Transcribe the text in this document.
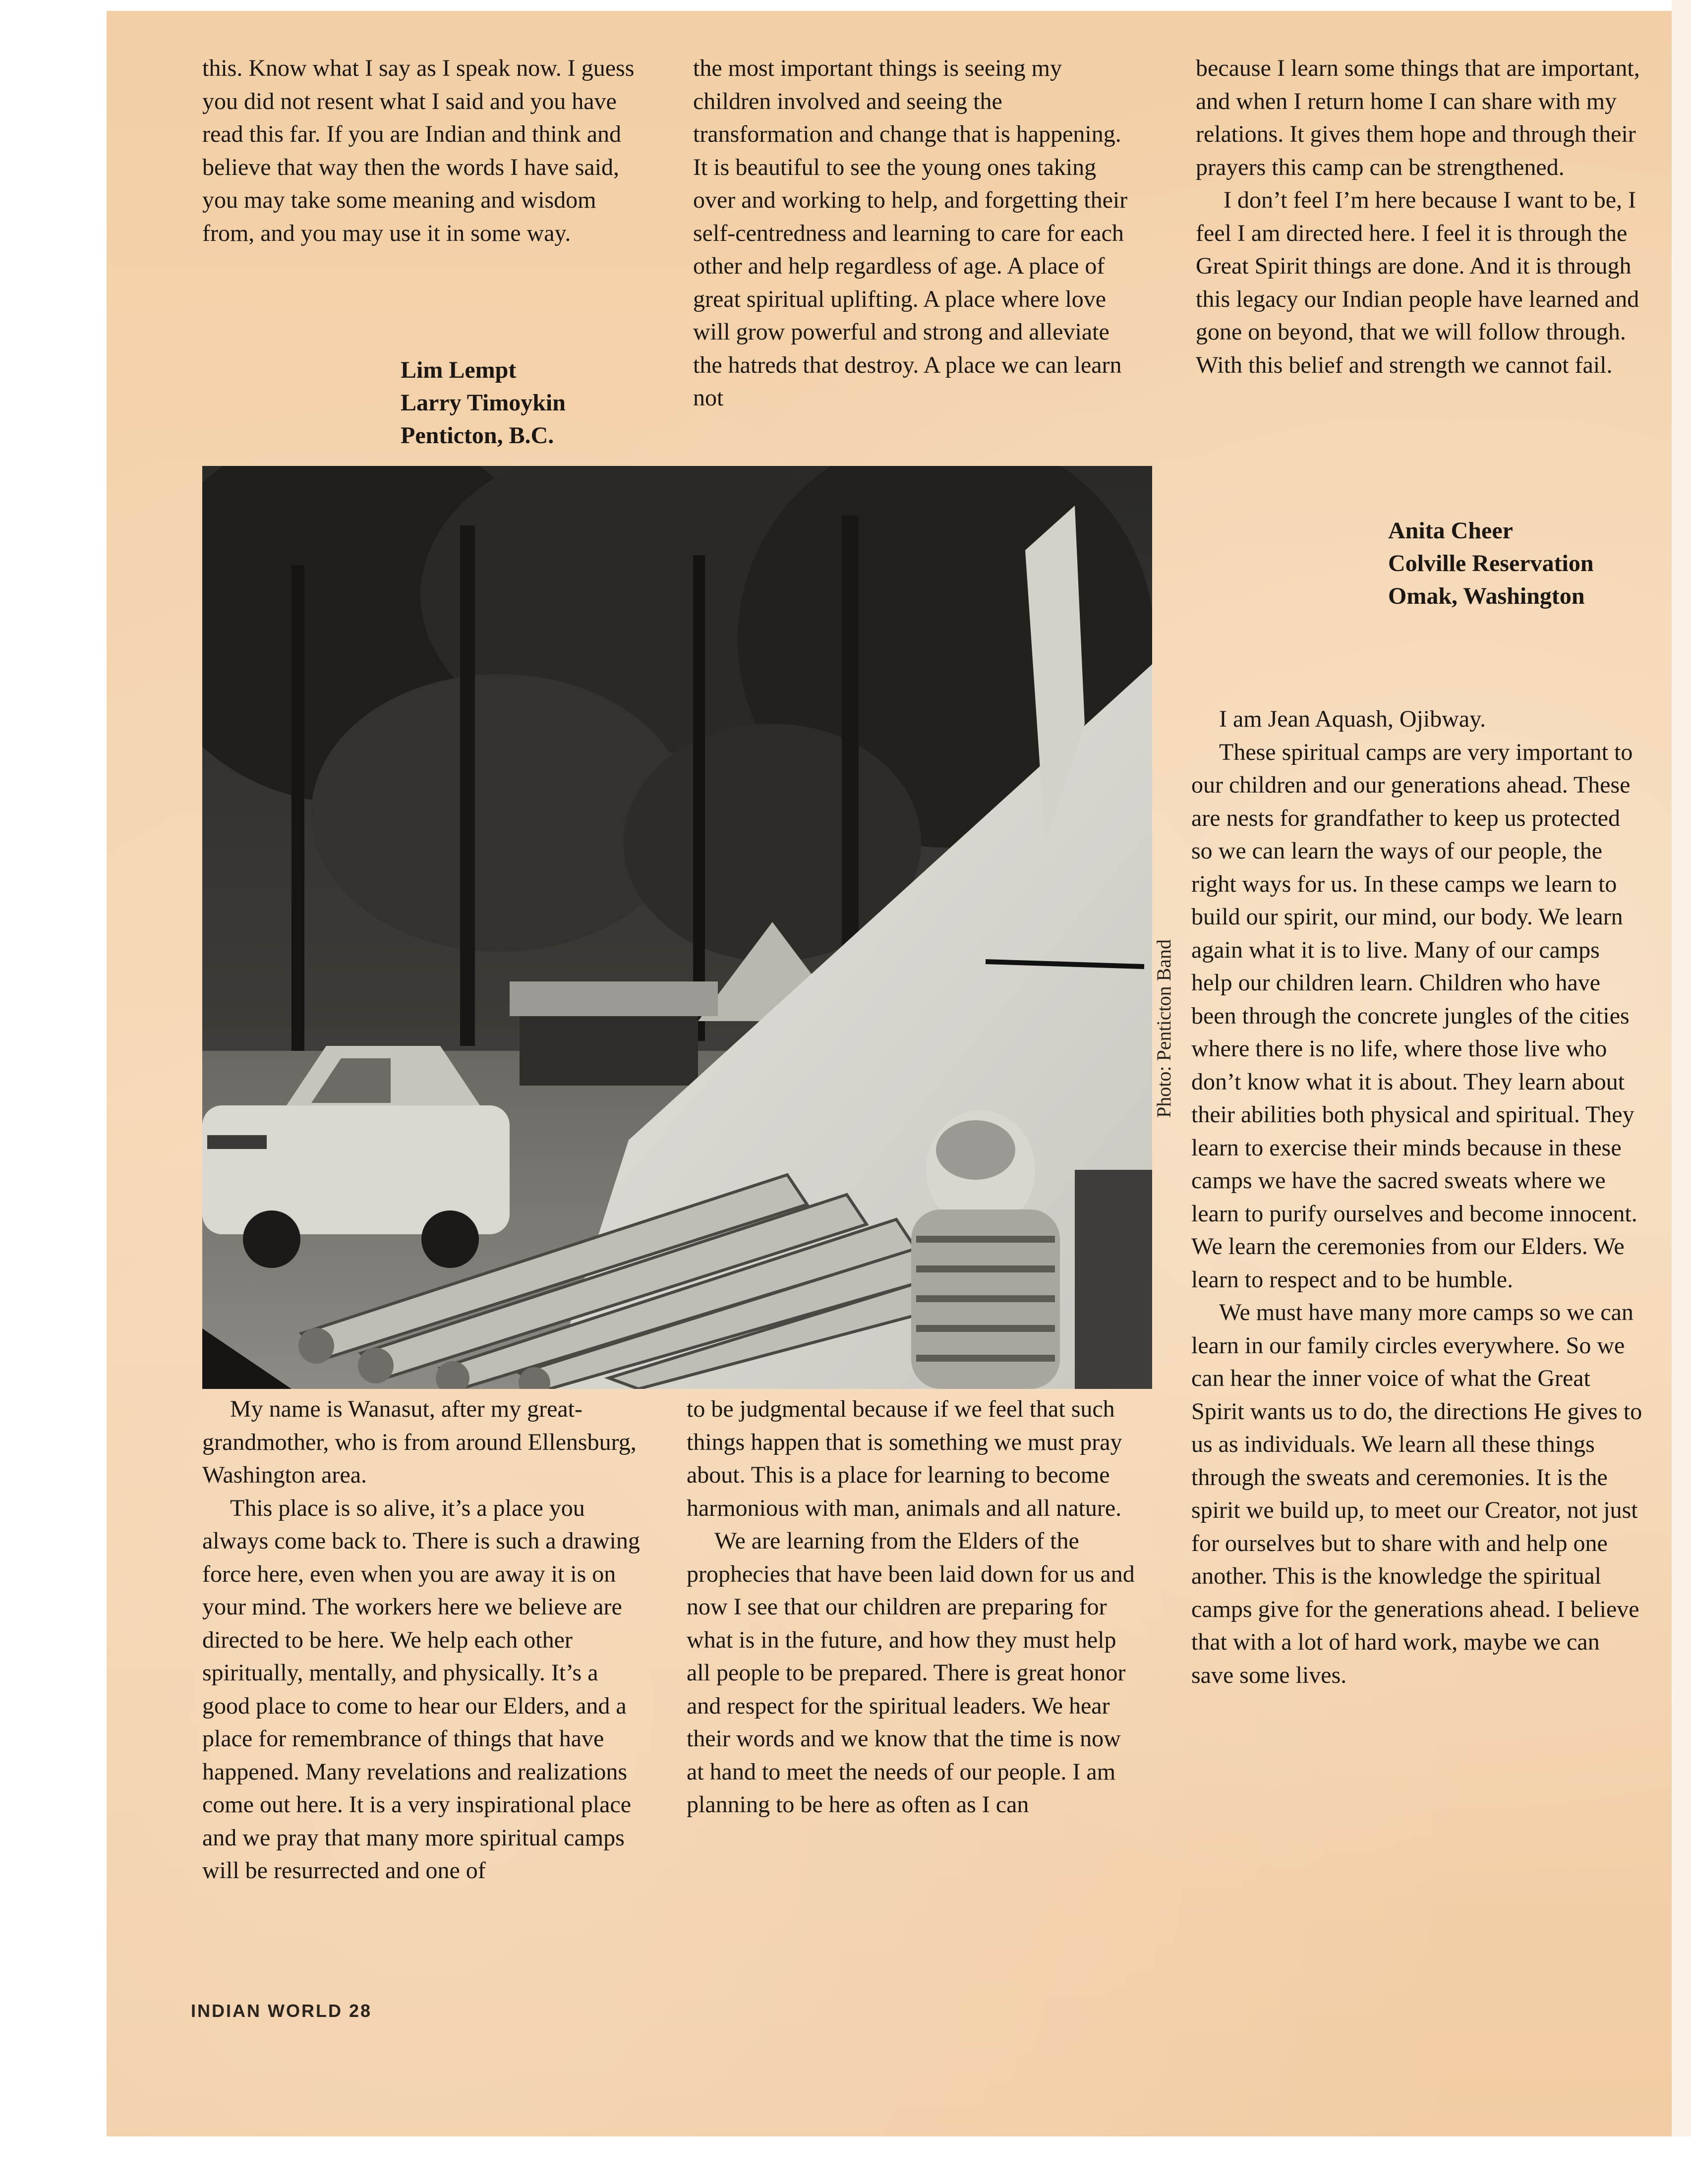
this. Know what I say as I speak now. I guess you did not resent what I said and you have read this far. If you are Indian and think and believe that way then the words I have said, you may take some meaning and wisdom from, and you may use it in some way.

Lim Lempt
Larry Timoykin
Penticton, B.C.

the most important things is seeing my children involved and seeing the transformation and change that is happening. It is beautiful to see the young ones taking over and working to help, and forgetting their self-centredness and learning to care for each other and help regardless of age. A place of great spiritual uplifting. A place where love will grow powerful and strong and alleviate the hatreds that destroy. A place we can learn not

because I learn some things that are important, and when I return home I can share with my relations. It gives them hope and through their prayers this camp can be strengthened.

I don’t feel I’m here because I want to be, I feel I am directed here. I feel it is through the Great Spirit things are done. And it is through this legacy our Indian people have learned and gone on beyond, that we will follow through. With this belief and strength we cannot fail.

Anita Cheer
Colville Reservation
Omak, Washington
Photo: Penticton Band

I am Jean Aquash, Ojibway.

These spiritual camps are very important to our children and our generations ahead. These are nests for grandfather to keep us protected so we can learn the ways of our people, the right ways for us. In these camps we learn to build our spirit, our mind, our body. We learn again what it is to live. Many of our camps help our children learn. Children who have been through the concrete jungles of the cities where there is no life, where those live who don’t know what it is about. They learn about their abilities both physical and spiritual. They learn to exercise their minds because in these camps we have the sacred sweats where we learn to purify ourselves and become innocent. We learn the ceremonies from our Elders. We learn to respect and to be humble.

We must have many more camps so we can learn in our family circles everywhere. So we can hear the inner voice of what the Great Spirit wants us to do, the directions He gives to us as individuals. We learn all these things through the sweats and ceremonies. It is the spirit we build up, to meet our Creator, not just for ourselves but to share with and help one another. This is the knowledge the spiritual camps give for the generations ahead. I believe that with a lot of hard work, maybe we can save some lives.

My name is Wanasut, after my great-grandmother, who is from around Ellensburg, Washington area.

This place is so alive, it’s a place you always come back to. There is such a drawing force here, even when you are away it is on your mind. The workers here we believe are directed to be here. We help each other spiritually, mentally, and physically. It’s a good place to come to hear our Elders, and a place for remembrance of things that have happened. Many revelations and realizations come out here. It is a very inspirational place and we pray that many more spiritual camps will be resurrected and one of

to be judgmental because if we feel that such things happen that is something we must pray about. This is a place for learning to become harmonious with man, animals and all nature.

We are learning from the Elders of the prophecies that have been laid down for us and now I see that our children are preparing for what is in the future, and how they must help all people to be prepared. There is great honor and respect for the spiritual leaders. We hear their words and we know that the time is now at hand to meet the needs of our people. I am planning to be here as often as I can

INDIAN WORLD 28
